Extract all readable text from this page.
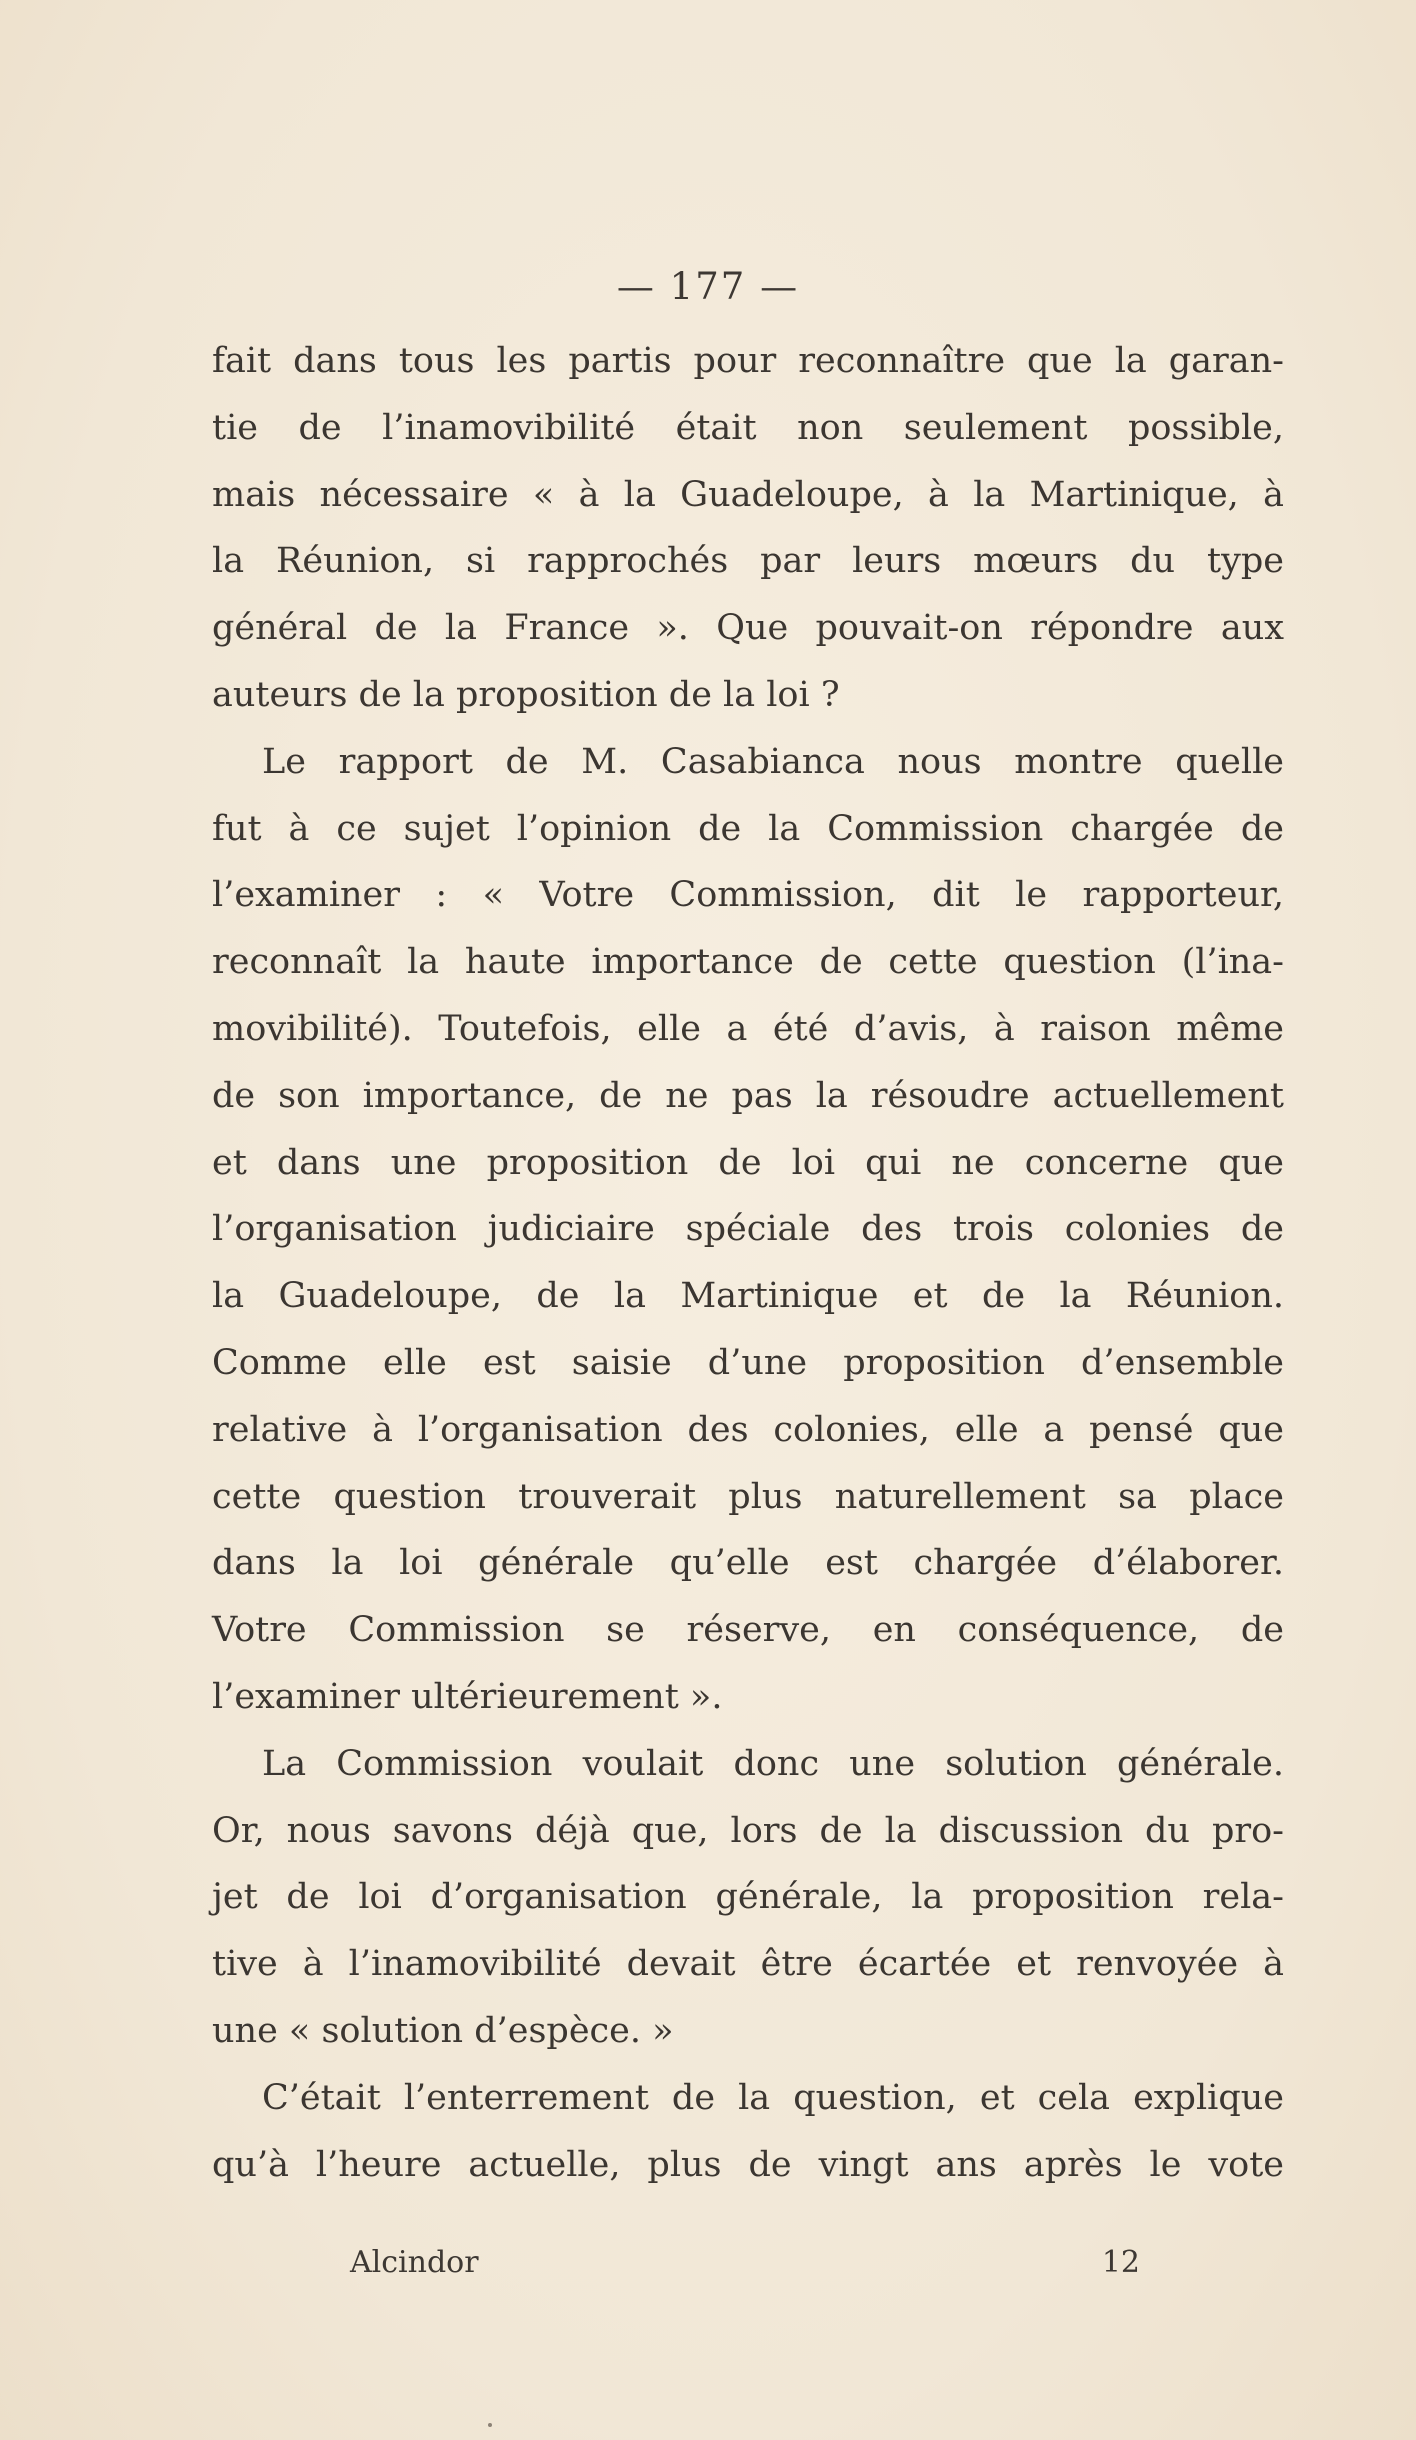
— 177 —
fait dans tous les partis pour reconnaître que la garan-
tie de l’inamovibilité était non seulement possible,
mais nécessaire « à la Guadeloupe, à la Martinique, à
la Réunion, si rapprochés par leurs mœurs du type
général de la France ». Que pouvait-on répondre aux
auteurs de la proposition de la loi ?
Le rapport de M. Casabianca nous montre quelle
fut à ce sujet l’opinion de la Commission chargée de
l’examiner : « Votre Commission, dit le rapporteur,
reconnaît la haute importance de cette question (l’ina-
movibilité). Toutefois, elle a été d’avis, à raison même
de son importance, de ne pas la résoudre actuellement
et dans une proposition de loi qui ne concerne que
l’organisation judiciaire spéciale des trois colonies de
la Guadeloupe, de la Martinique et de la Réunion.
Comme elle est saisie d’une proposition d’ensemble
relative à l’organisation des colonies, elle a pensé que
cette question trouverait plus naturellement sa place
dans la loi générale qu’elle est chargée d’élaborer.
Votre Commission se réserve, en conséquence, de
l’examiner ultérieurement ».
La Commission voulait donc une solution générale.
Or, nous savons déjà que, lors de la discussion du pro-
jet de loi d’organisation générale, la proposition rela-
tive à l’inamovibilité devait être écartée et renvoyée à
une « solution d’espèce. »
C’était l’enterrement de la question, et cela explique
qu’à l’heure actuelle, plus de vingt ans après le vote
Alcindor	12
